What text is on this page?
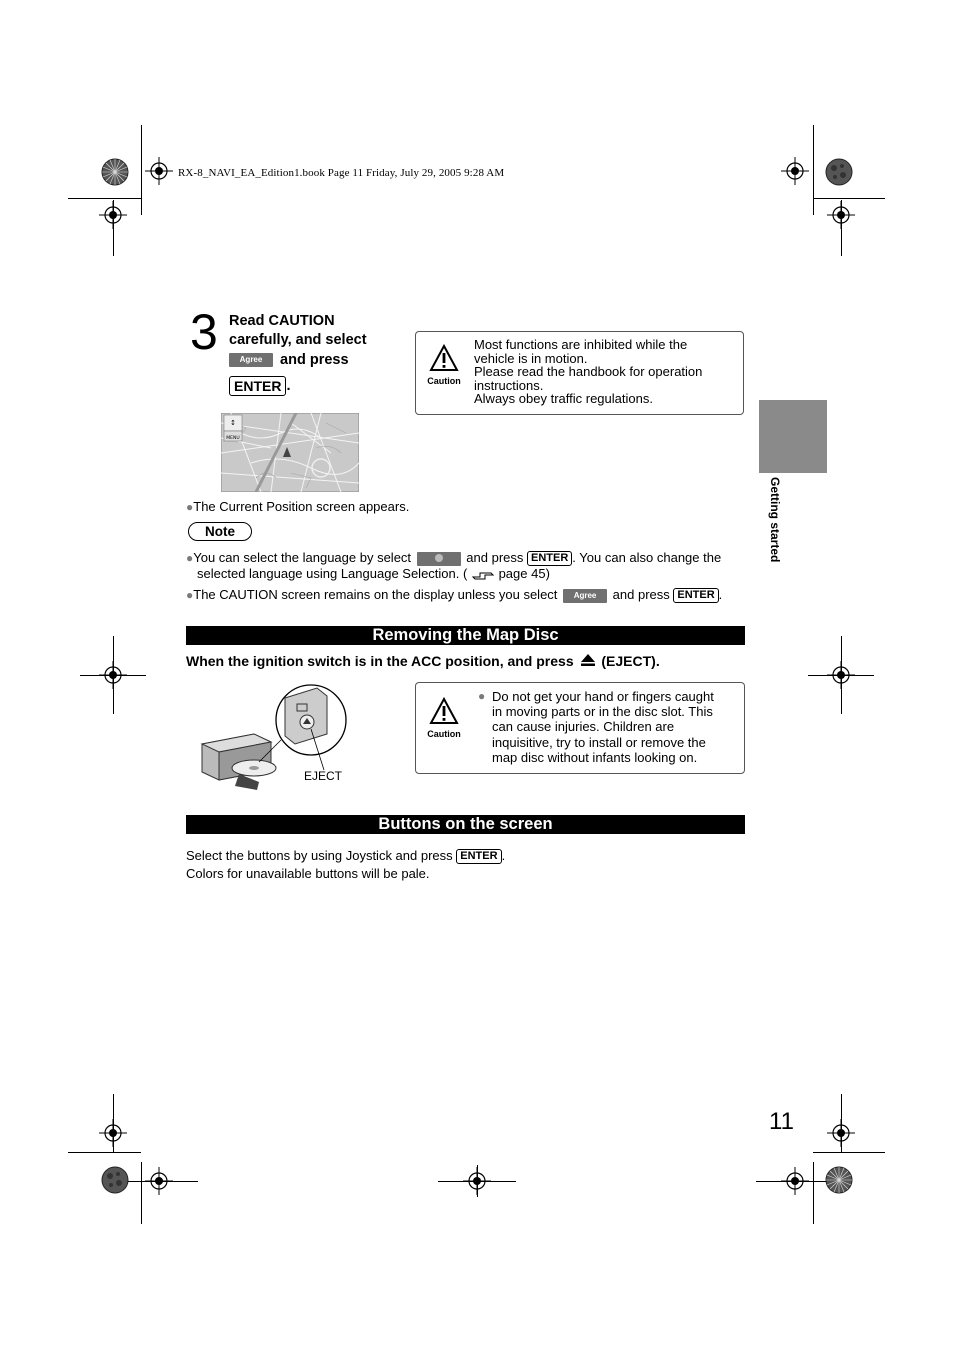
RX-8_NAVI_EA_Edition1.book Page 11 Friday, July 29, 2005 9:28 AM
Getting started
3 Read CAUTION
carefully, and select
Agree and press
ENTER .	Caution
Most functions are inhibited while the
vehicle is in motion.
Please read the handbook for operation
instructions.
Always obey traffic regulations.
↕
MENU
●The Current Position screen appears.
Note
●You can select the language by select	and press ENTER . You can also change the
selected language using Language Selection. ( page 45)
●The CAUTION screen remains on the display unless you select Agree and press ENTER .
Removing the Map Disc
When the ignition switch is in the ACC position, and press (EJECT).
EJECT
Caution
● Do not get your hand or fingers caught
in moving parts or in the disc slot. This
can cause injuries. Children are
inquisitive, try to install or remove the
map disc without infants looking on.
Buttons on the screen
Select the buttons by using Joystick and press ENTER .
Colors for unavailable buttons will be pale.
11
